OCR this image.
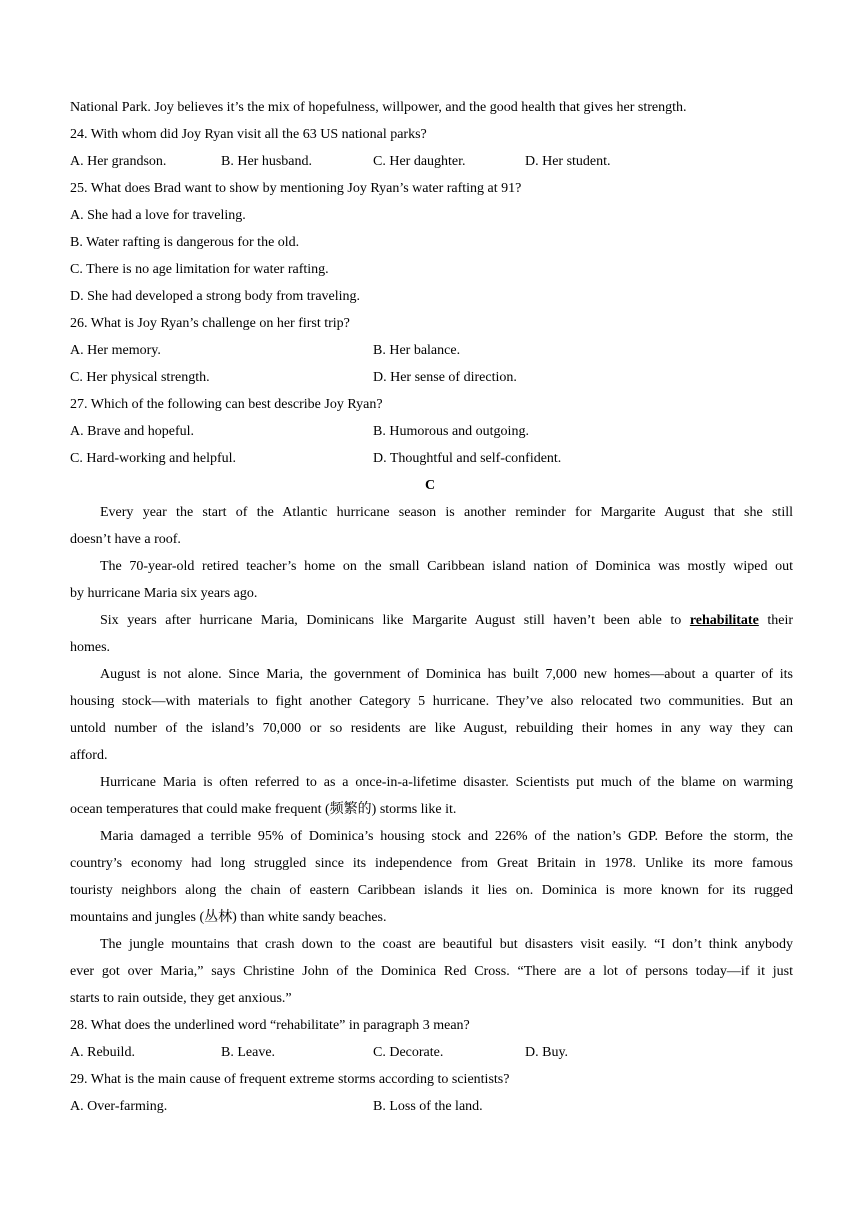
National Park. Joy believes it’s the mix of hopefulness, willpower, and the good health that gives her strength.
24. With whom did Joy Ryan visit all the 63 US national parks?
A. Her grandson.	B. Her husband.	C. Her daughter.	D. Her student.
25. What does Brad want to show by mentioning Joy Ryan’s water rafting at 91?
A. She had a love for traveling.
B. Water rafting is dangerous for the old.
C. There is no age limitation for water rafting.
D. She had developed a strong body from traveling.
26. What is Joy Ryan’s challenge on her first trip?
A. Her memory.	B. Her balance.
C. Her physical strength.	D. Her sense of direction.
27. Which of the following can best describe Joy Ryan?
A. Brave and hopeful.	B. Humorous and outgoing.
C. Hard-working and helpful.	D. Thoughtful and self-confident.
C
Every year the start of the Atlantic hurricane season is another reminder for Margarite August that she still
doesn’t have a roof.
The 70-year-old retired teacher’s home on the small Caribbean island nation of Dominica was mostly wiped out
by hurricane Maria six years ago.
Six years after hurricane Maria, Dominicans like Margarite August still haven’t been able to rehabilitate their
homes.
August is not alone. Since Maria, the government of Dominica has built 7,000 new homes—about a quarter of its
housing stock—with materials to fight another Category 5 hurricane. They’ve also relocated two communities. But an
untold number of the island’s 70,000 or so residents are like August, rebuilding their homes in any way they can
afford.
Hurricane Maria is often referred to as a once-in-a-lifetime disaster. Scientists put much of the blame on warming
ocean temperatures that could make frequent (频繁的) storms like it.
Maria damaged a terrible 95% of Dominica’s housing stock and 226% of the nation’s GDP. Before the storm, the
country’s economy had long struggled since its independence from Great Britain in 1978. Unlike its more famous
touristy neighbors along the chain of eastern Caribbean islands it lies on. Dominica is more known for its rugged
mountains and jungles (丛林) than white sandy beaches.
The jungle mountains that crash down to the coast are beautiful but disasters visit easily. “I don’t think anybody
ever got over Maria,” says Christine John of the Dominica Red Cross. “There are a lot of persons today—if it just
starts to rain outside, they get anxious.”
28. What does the underlined word “rehabilitate” in paragraph 3 mean?
A. Rebuild.	B. Leave.	C. Decorate.	D. Buy.
29. What is the main cause of frequent extreme storms according to scientists?
A. Over-farming.	B. Loss of the land.
